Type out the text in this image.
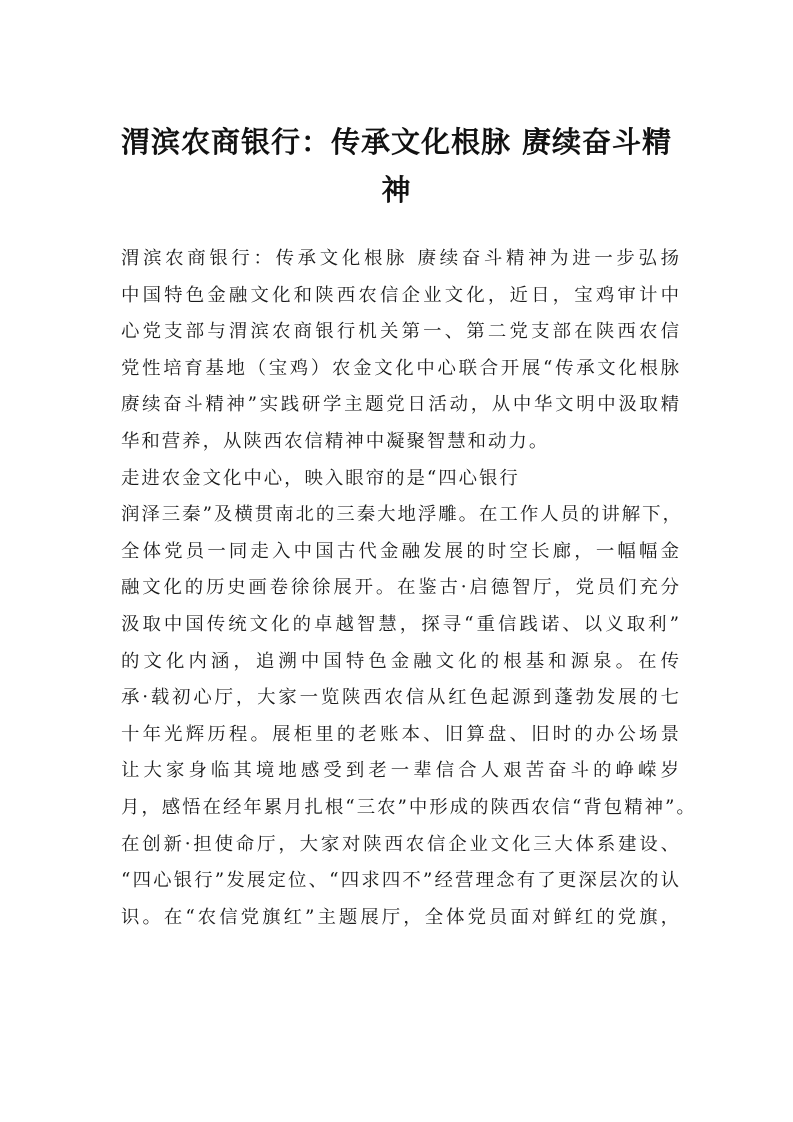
渭滨农商银行：传承文化根脉 赓续奋斗精
神

渭滨农商银行：传承文化根脉 赓续奋斗精神为进一步弘扬
中国特色金融文化和陕西农信企业文化，近日，宝鸡审计中
心党支部与渭滨农商银行机关第一、第二党支部在陕西农信
党性培育基地（宝鸡）农金文化中心联合开展“传承文化根脉
赓续奋斗精神”实践研学主题党日活动，从中华文明中汲取精
华和营养，从陕西农信精神中凝聚智慧和动力。

走进农金文化中心，映入眼帘的是“四心银行
润泽三秦”及横贯南北的三秦大地浮雕。在工作人员的讲解下，
全体党员一同走入中国古代金融发展的时空长廊，一幅幅金
融文化的历史画卷徐徐展开。在鉴古·启德智厅，党员们充分
汲取中国传统文化的卓越智慧，探寻“重信践诺、以义取利”
的文化内涵，追溯中国特色金融文化的根基和源泉。在传
承·载初心厅，大家一览陕西农信从红色起源到蓬勃发展的七
十年光辉历程。展柜里的老账本、旧算盘、旧时的办公场景
让大家身临其境地感受到老一辈信合人艰苦奋斗的峥嵘岁
月，感悟在经年累月扎根“三农”中形成的陕西农信“背包精神”。
在创新·担使命厅，大家对陕西农信企业文化三大体系建设、
“四心银行”发展定位、“四求四不”经营理念有了更深层次的认
识。在“农信党旗红”主题展厅，全体党员面对鲜红的党旗，
